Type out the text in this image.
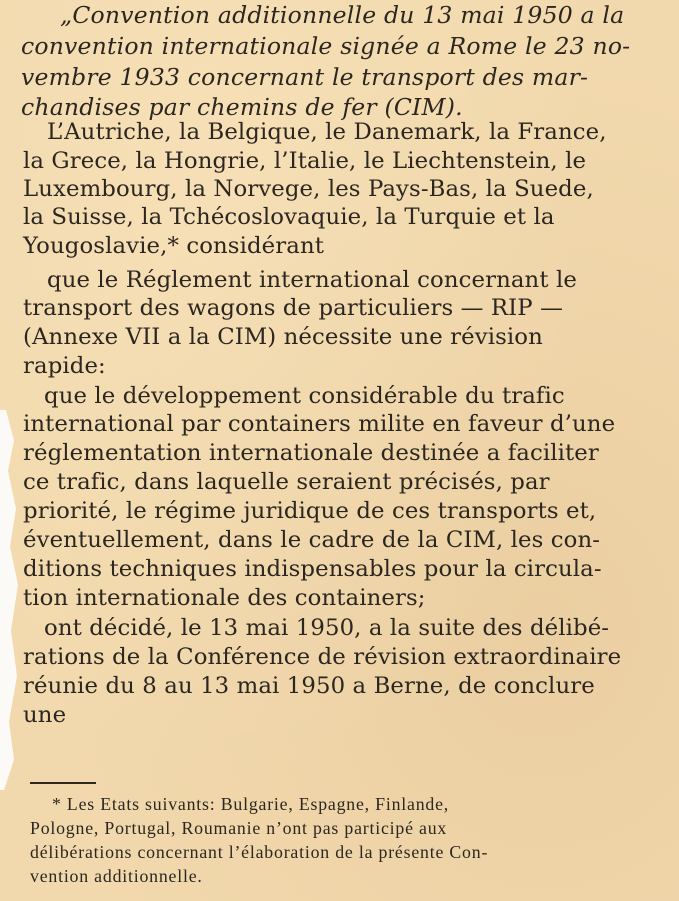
„Convention additionnelle du 13 mai 1950 a la
convention internationale signée a Rome le 23 no-
vembre 1933 concernant le transport des mar-
chandises par chemins de fer (CIM).
L’Autriche, la Belgique, le Danemark, la France,
la Grece, la Hongrie, l’Italie, le Liechtenstein, le
Luxembourg, la Norvege, les Pays-Bas, la Suede,
la Suisse, la Tchécoslovaquie, la Turquie et la
Yougoslavie,* considérant
que le Réglement international concernant le
transport des wagons de particuliers — RIP —
(Annexe VII a la CIM) nécessite une révision
rapide:
que le développement considérable du trafic
international par containers milite en faveur d’une
réglementation internationale destinée a faciliter
ce trafic, dans laquelle seraient précisés, par
priorité, le régime juridique de ces transports et,
éventuellement, dans le cadre de la CIM, les con-
ditions techniques indispensables pour la circula-
tion internationale des containers;
ont décidé, le 13 mai 1950, a la suite des délibé-
rations de la Conférence de révision extraordinaire
réunie du 8 au 13 mai 1950 a Berne, de conclure
une
* Les Etats suivants: Bulgarie, Espagne, Finlande,
Pologne, Portugal, Roumanie n’ont pas participé aux
délibérations concernant l’élaboration de la présente Con-
vention additionnelle.
